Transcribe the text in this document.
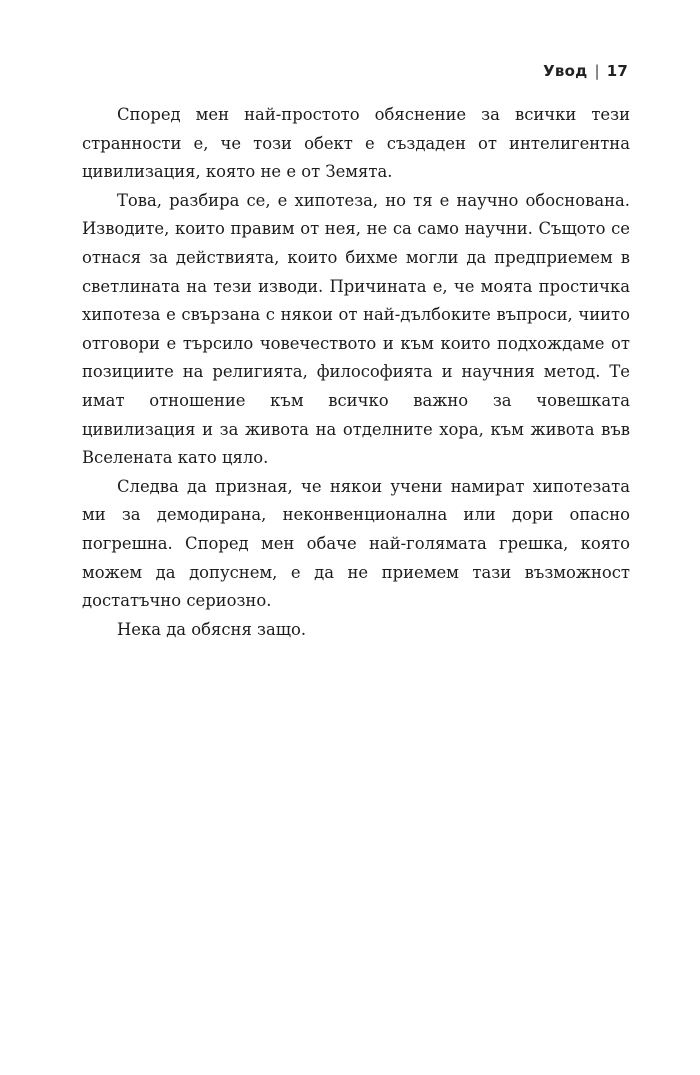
Увод | 17

Според мен най-простото обяснение за всички тези странности е, че този обект е създаден от интелигентна цивилизация, която не е от Земята.

Това, разбира се, е хипотеза, но тя е научно обоснована. Изводите, които правим от нея, не са само научни. Същото се отнася за действията, които бихме могли да предприемем в светлината на тези изводи. Причината е, че моята простичка хипотеза е свързана с някои от най-дълбоките въпроси, чиито отговори е търсило човечеството и към които подхождаме от позициите на религията, философията и научния метод. Те имат отношение към всичко важно за човешката цивилизация и за живота на отделните хора, към живота във Вселената като цяло.

Следва да призная, че някои учени намират хипотезата ми за демодирана, неконвенционална или дори опасно погрешна. Според мен обаче най-голямата грешка, която можем да допуснем, е да не приемем тази възможност достатъчно сериозно.

Нека да обясня защо.
